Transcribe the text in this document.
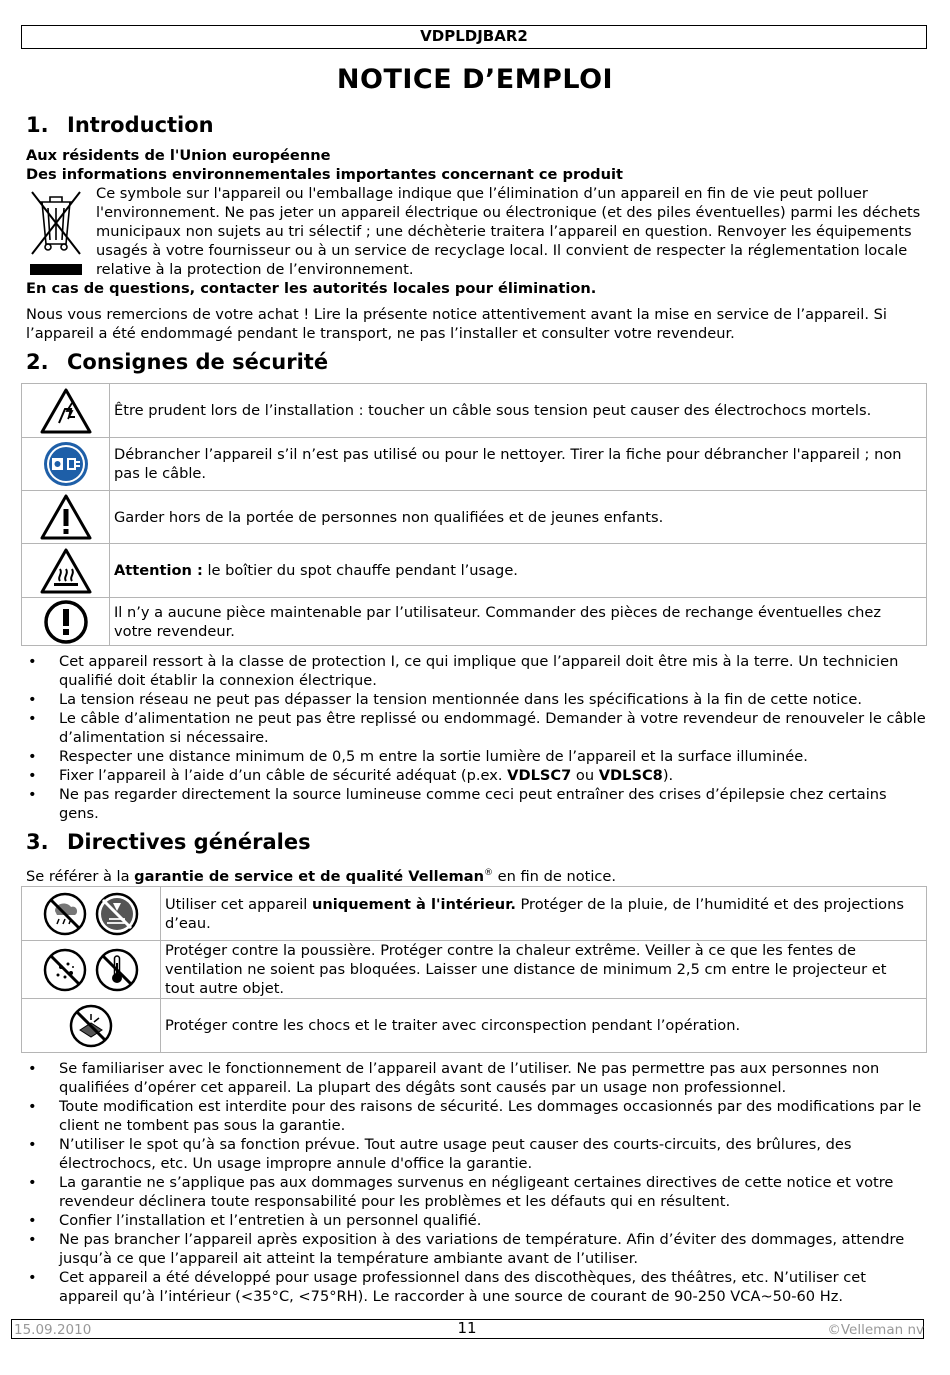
VDPLDJBAR2
NOTICE D’EMPLOI
1. Introduction
Aux résidents de l'Union européenne
Des informations environnementales importantes concernant ce produit
Ce symbole sur l'appareil ou l'emballage indique que l’élimination d’un appareil en fin de vie peut polluer l'environnement. Ne pas jeter un appareil électrique ou électronique (et des piles éventuelles) parmi les déchets municipaux non sujets au tri sélectif ; une déchèterie traitera l’appareil en question. Renvoyer les équipements usagés à votre fournisseur ou à un service de recyclage local. Il convient de respecter la réglementation locale relative à la protection de l’environnement.
En cas de questions, contacter les autorités locales pour élimination.
Nous vous remercions de votre achat ! Lire la présente notice attentivement avant la mise en service de l’appareil. Si l’appareil a été endommagé pendant le transport, ne pas l’installer et consulter votre revendeur.
2. Consignes de sécurité
	Être prudent lors de l’installation : toucher un câble sous tension peut causer des électrochocs mortels.
	Débrancher l’appareil s’il n’est pas utilisé ou pour le nettoyer. Tirer la fiche pour débrancher l'appareil ; non pas le câble.
	Garder hors de la portée de personnes non qualifiées et de jeunes enfants.
	Attention : le boîtier du spot chauffe pendant l’usage.
	Il n’y a aucune pièce maintenable par l’utilisateur. Commander des pièces de rechange éventuelles chez votre revendeur.
• Cet appareil ressort à la classe de protection I, ce qui implique que l’appareil doit être mis à la terre. Un technicien qualifié doit établir la connexion électrique.
• La tension réseau ne peut pas dépasser la tension mentionnée dans les spécifications à la fin de cette notice.
• Le câble d’alimentation ne peut pas être replissé ou endommagé. Demander à votre revendeur de renouveler le câble d’alimentation si nécessaire.
• Respecter une distance minimum de 0,5 m entre la sortie lumière de l’appareil et la surface illuminée.
• Fixer l’appareil à l’aide d’un câble de sécurité adéquat (p.ex. VDLSC7 ou VDLSC8).
• Ne pas regarder directement la source lumineuse comme ceci peut entraîner des crises d’épilepsie chez certains gens.
3. Directives générales
Se référer à la garantie de service et de qualité Velleman® en fin de notice.
	Utiliser cet appareil uniquement à l'intérieur. Protéger de la pluie, de l’humidité et des projections d’eau.
	Protéger contre la poussière. Protéger contre la chaleur extrême. Veiller à ce que les fentes de ventilation ne soient pas bloquées. Laisser une distance de minimum 2,5 cm entre le projecteur et tout autre objet.
	Protéger contre les chocs et le traiter avec circonspection pendant l’opération.
• Se familiariser avec le fonctionnement de l’appareil avant de l’utiliser. Ne pas permettre pas aux personnes non qualifiées d’opérer cet appareil. La plupart des dégâts sont causés par un usage non professionnel.
• Toute modification est interdite pour des raisons de sécurité. Les dommages occasionnés par des modifications par le client ne tombent pas sous la garantie.
• N’utiliser le spot qu’à sa fonction prévue. Tout autre usage peut causer des courts-circuits, des brûlures, des électrochocs, etc. Un usage impropre annule d'office la garantie.
• La garantie ne s’applique pas aux dommages survenus en négligeant certaines directives de cette notice et votre revendeur déclinera toute responsabilité pour les problèmes et les défauts qui en résultent.
• Confier l’installation et l’entretien à un personnel qualifié.
• Ne pas brancher l’appareil après exposition à des variations de température. Afin d’éviter des dommages, attendre jusqu’à ce que l’appareil ait atteint la température ambiante avant de l’utiliser.
• Cet appareil a été développé pour usage professionnel dans des discothèques, des théâtres, etc. N’utiliser cet appareil qu’à l’intérieur (<35°C, <75°RH). Le raccorder à une source de courant de 90-250 VCA~50-60 Hz.
15.09.2010	11	©Velleman nv
